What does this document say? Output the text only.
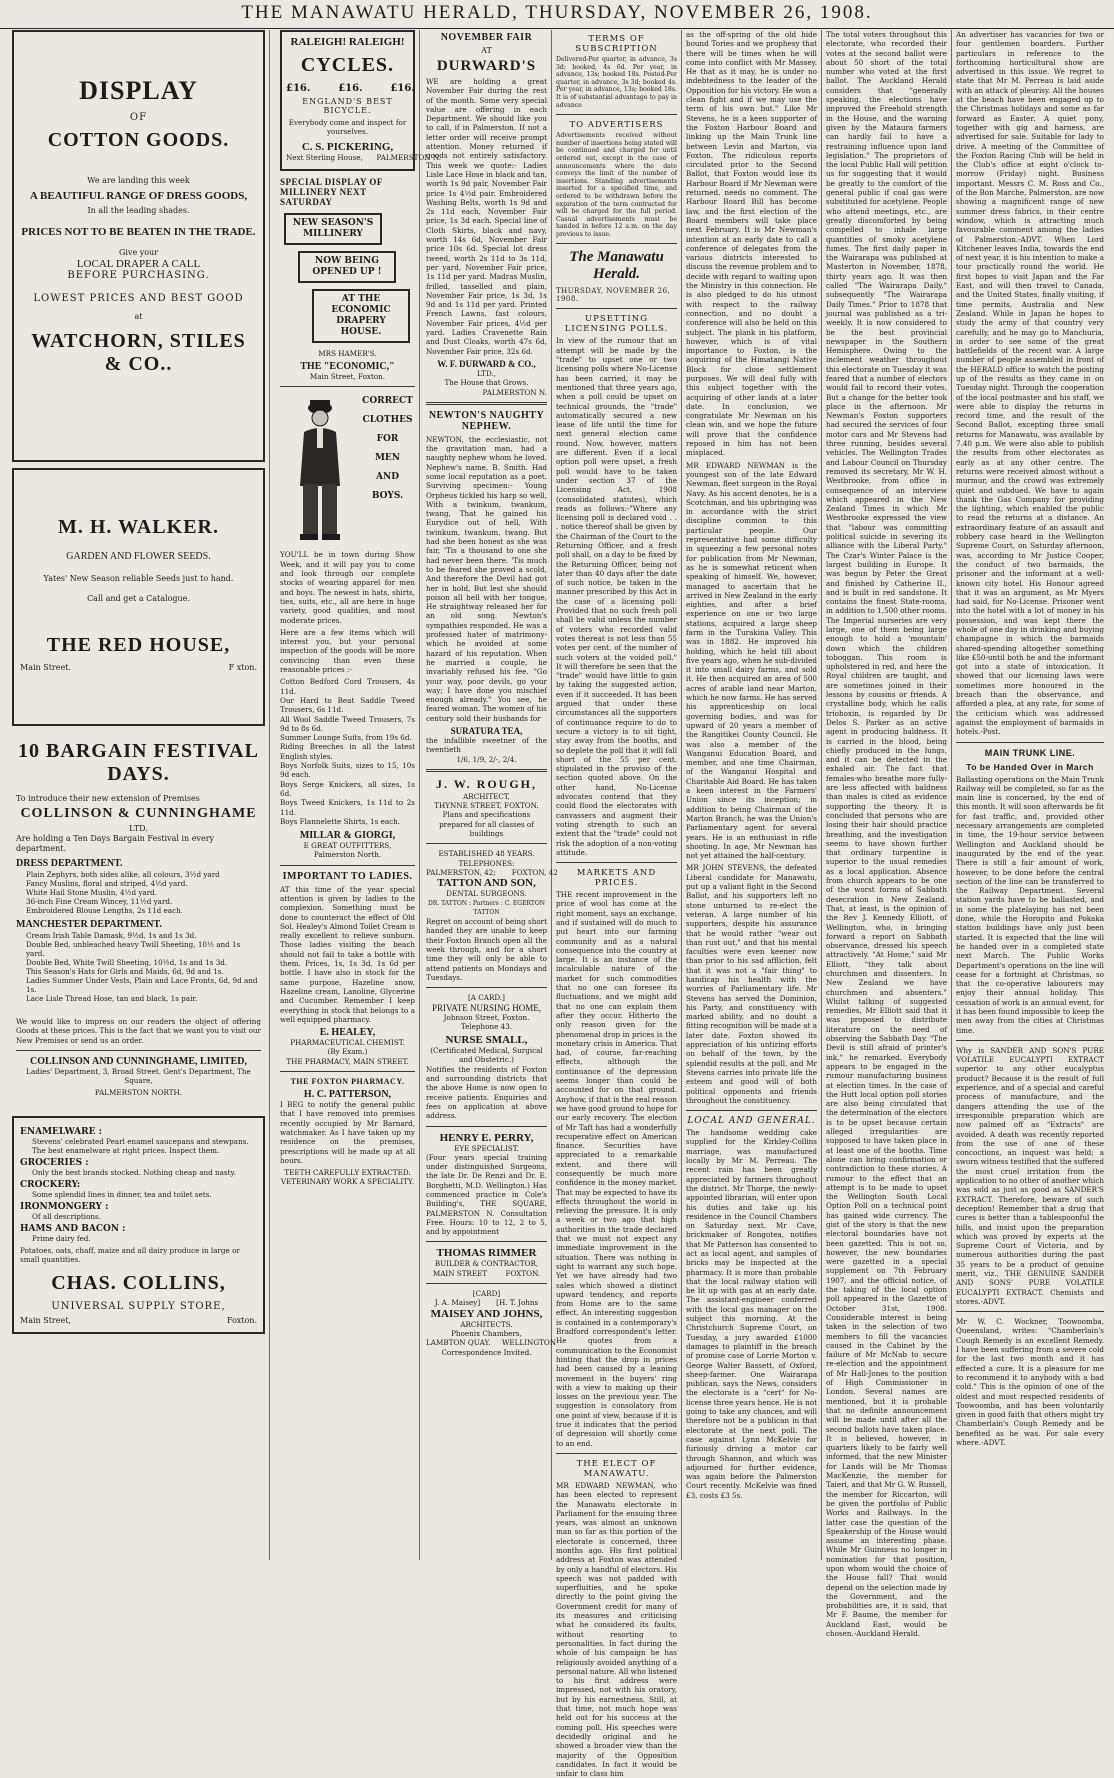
THE MANAWATU HERALD, THURSDAY, NOVEMBER 26, 1908.
DISPLAY
OF
COTTON GOODS.
We are landing this week
A BEAUTIFUL RANGE OF DRESS GOODS,
In all the leading shades.
PRICES NOT TO BE BEATEN IN THE TRADE.
Give your
LOCAL DRAPER A CALL
BEFORE PURCHASING.
LOWEST PRICES AND BEST GOOD
at
WATCHORN, STILES & CO..
M. H. WALKER.
GARDEN AND FLOWER SEEDS.
Yates' New Season reliable Seeds just to hand.
Call and get a Catalogue.
THE RED HOUSE,
Main Street.	F xton.
10 BARGAIN FESTIVAL DAYS.
To introduce their new extension of Premises
COLLINSON & CUNNINGHAME
LTD.
Are holding a Ten Days Bargain Festival in every department.
DRESS DEPARTMENT.
Plain Zephyrs, both sides alike, all colours, 3½d yard
Fancy Muslins, floral and striped, 4½d yard.
White Hail Stone Muslin, 4½d yard.
36-inch Fine Cream Wincey, 11½d yard.
Embroidered Blouse Lengths, 2s 11d each.
MANCHESTER DEPARTMENT.
Cream Irish Table Damask, 9½d, 1s and 1s 3d.
Double Bed, unbleached heavy Twill Sheeting, 10½ and 1s yard.
Double Bed, White Twill Sheeting, 10½d, 1s and 1s 3d.
This Season's Hats for Girls and Maids, 6d, 9d and 1s.
Ladies Summer Under Vests, Plain and Lace Fronts, 6d, 9d and 1s.
Lace Lisle Thread Hose, tan and black, 1s pair.
We would like to impress on our readers the object of offering Goods at these prices. This is the fact that we want you to visit our New Premises or send us an order.
COLLINSON AND CUNNINGHAME, LIMITED,
Ladies' Department, 3, Broad Street. Gent's Department, The Square,
PALMERSTON NORTH.
ENAMELWARE :
Stevens' celebrated Pearl enamel saucepans and stewpans. The best enamelware at right prices. Inspect them.
GROCERIES :
Only the best brands stocked. Nothing cheap and nasty.
CROCKERY:
Some splendid lines in dinner, tea and toilet sets.
IRONMONGERY :
Of all descriptions.
HAMS AND BACON :
Prime dairy fed.
Potatoes, oats, chaff, maize and all dairy produce in large or small quantities.
CHAS. COLLINS,
UNIVERSAL SUPPLY STORE,
Main Street,	Foxton.
RALEIGH! RALEIGH!
CYCLES.
£16.        £16.        £16.
ENGLAND'S BEST BICYCLE.
Everybody come and inspect for yourselves.
C. S. PICKERING,
Next Sterling House,      PALMERSTON N.
SPECIAL DISPLAY OF MILLINERY NEXT SATURDAY
NEW SEASON'S MILLINERY
NOW BEING OPENED UP !
AT THE ECONOMIC DRAPERY HOUSE.
MRS HAMER'S.
THE "ECONOMIC,"
Main Street, Foxton.
CORRECT
CLOTHES
FOR
MEN
AND
BOYS.
YOU'LL be in town during Show Week, and it will pay you to come and look through our complete stocks of wearing apparel for men and boys. The newest in hats, shirts, ties, suits, etc., all are here in huge variety, good qualities, and most moderate prices.
Here are a few items which will interest you, but your personal inspection of the goods will be more convincing than even these reasonable prices :-
Cotton Bedford Cord Trousers, 4s 11d.
Our Hard to Beat Saddle Tweed Trousers, 6s 11d.
All Wool Saddle Tweed Trousers, 7s 9d to 8s 6d.
Summer Lounge Suits, from 19s 6d.
Riding Breeches in all the latest English styles.
Boys Norfolk Suits, sizes to 15, 10s 9d each.
Boys Serge Knickers, all sizes, 1s 6d.
Boys Tweed Knickers, 1s 11d to 2s 11d.
Boys Flannelette Shirts, 1s each.
MILLAR & GIORGI,
E GREAT OUTFITTERS,
Palmerston North.
IMPORTANT TO LADIES.
AT this time of the year special attention is given by ladies to the complexion. Something must be done to counteract the effect of Old Sol. Healey's Almond Toilet Cream is really excellent to relieve sunburn. Those ladies visiting the beach should not fail to take a bottle with them. Prices, 1s, 1s 3d, 1s 6d per bottle. I have also in stock for the same purpose, Hazeline snow, Hazeline cream, Lanoline, Glycerine and Cucumber. Remember I keep everything in stock that belongs to a well equipped pharmacy.
E. HEALEY,
PHARMACEUTICAL CHEMIST.
(By Exam.)
THE PHARMACY, MAIN STREET.
THE FOXTON PHARMACY.
H. C. PATTERSON,
I BEG to notify the general public that I have removed into premises recently occupied by Mr Barnard, watchmaker. As I have taken up my residence on the premises, prescriptions will be made up at all hours.
TEETH CAREFULLY EXTRACTED.
VETERINARY WORK A SPECIALITY.
NOVEMBER FAIR
AT
DURWARD'S
WE are holding a great November Fair during the rest of the month. Some very special value are offering in each Department. We should like you to call, if in Palmerston. If not a letter order will receive prompt attention. Money returned if goods not entirely satisfactory. This week we quote:- Ladies Lisle Lace Hose in black and tan, worth 1s 9d pair, November Fair price 1s 4½d pair. Embroidered Washing Belts, worth 1s 9d and 2s 11d each, November Fair price, 1s 3d each. Special line of Cloth Skirts, black and navy, worth 14s 6d, November Fair price 10s 6d. Special lot dress tweed, worth 2s 11d to 3s 11d, per yard, November Fair price, 1s 11d per yard. Madras Muslin, frilled, tasselled and plain, November Fair price, 1s 3d, 1s 9d and 1s 11d per yard. Printed French Lawns, fast colours, November Fair prices, 4½d per yard. Ladies Cravenette Rain and Dust Cloaks, worth 47s 6d, November Fair price, 32s 6d.
W. F. DURWARD & CO.,
LTD.,
The House that Grows.
PALMERSTON N.
NEWTON'S NAUGHTY NEPHEW.
NEWTON, the ecclesiastic, not the gravitation man, had a naughty nephew whom he loved. Nephew's name, B. Smith. Had some local reputation as a poet. Surviving specimen:- Young Orpheus tickled his harp so well, With a twinkum, twankum, twang, That he gained his Eurydice out of hell, With twinkum, twankum, twang. But had she been honest as she was fair, 'Tis a thousand to one she had never been there. 'Tis much to be feared she proved a scold, And therefore the Devil had got her in hold, But lest she should poison all hell with her tongue, He straightway released her for an old song. Newton's sympathies responded. He was a professed hater of matrimony-which he avoided at some hazard of his reputation. When he married a couple, he invariably refused his fee. "Go your way, poor devils, go your way; I have done you mischief enough already." You see, he feared woman. The women of his century sold their husbands for
SURATURA TEA,
the infallible sweetner of the twentieth
1/6, 1/9, 2/-, 2/4.
J. W. ROUGH,
ARCHITECT,
THYNNE STREET, FOXTON.
Plans and specifications prepared for all classes of buildings
ESTABLISHED 48 YEARS.
TELEPHONES:
PALMERSTON, 42;       FOXTON, 42
TATTON AND SON,
DENTAL SURGEONS.
DR. TATTON : Partners : C. EGERTON TATTON
Regret on account of being short handed they are unable to keep their Foxton Branch open all the week through, and for a short time they will only be able to attend patients on Mondays and Tuesdays.
[A CARD.]
PRIVATE NURSING HOME,
Johnson Street, Foxton.
Telephone 43.
NURSE SMALL,
(Certificated Medical, Surgical and Obstetric.)
Notifies the residents of Foxton and surrounding districts that the above Home is now open to receive patients. Enquiries and fees on application at above address.
HENRY E. PERRY,
EYE SPECIALIST.
(Four years special training under distinguished Surgeons, the late Dr. De Renzi and Dr. E. Borghetti, M.D. Wellington.) Has commenced practice in Cole's Building's, THE SQUARE, PALMERSTON N. Consultation Free. Hours: 10 to 12, 2 to 5, and by appointment
THOMAS RIMMER
BUILDER & CONTRACTOR,
MAIN STREET        FOXTON.
[CARD]
J. A. Maisey]       [H. T. Johns
MAISEY AND JOHNS,
ARCHITECTS.
Phoenix Chambers,
LAMBTON QUAY.     WELLINGTON
Correspondence Invited.
TERMS OF SUBSCRIPTION
Delivered-Per quarter, in advance, 3s 3d; booked, 4s 6d. Per year, in advance, 13s; booked 18s. Posted-Per quarter, in advance, 3s 3d; booked 4s. Per year, in advance, 13s; booked 18s. It is of substantial advantage to pay in advance
TO ADVERTISERS
Advertisements received without number of insertions being stated will be continued and charged for until ordered out, except in the case of announcements where the date conveys the limit of the number of insertions. Standing advertisements inserted for a specified time, and ordered to be withdrawn before the expiration of the term contracted for will be charged for the full period. Casual advertisements must be handed in before 12 a.m. on the day previous to issue.
The Manawatu Herald.
THURSDAY, NOVEMBER 26, 1908.
UPSETTING LICENSING POLLS.
In view of the rumour that an attempt will be made by the "trade" to upset one or two licensing polls where No-License has been carried, it may be mentioned that three years ago, when a poll could be upset on technical grounds, the "trade" automatically secured a new lease of life until the time for next general election came round. Now, however, matters are different. Even if a local option poll were upset, a fresh poll would have to be taken under section 37 of the Licensing Act, 1908 (consolidated statutes), which reads as follows:-"Where any licensing poll is declared void . . . notice thereof shall be given by the Chairman of the Court to the Returning Officer, and a fresh poll shall, on a day to be fixed by the Returning Officer, being not later than 40 days after the date of such notice, be taken in the manner prescribed by this Act in the case of a licensing poll: Provided that no such fresh poll shall be valid unless the number of voters who recorded valid votes thereat is not less than 55 votes per cent. of the number of such voters at the voided poll." It will therefore be seen that the "trade" would have little to gain by taking the suggested action, even if it succeeded. It has been argued that under these circumstances all the supporters of continuance require to do to secure a victory is to sit tight, stay away from the booths, and so deplete the poll that it will fall short of the 55 per cent. stipulated in the proviso of the section quoted above. On the other hand, No-License advocates contend that they could flood the electorates with canvassers and augment their voting strength to such an extent that the "trade" could not risk the adoption of a non-voting attitude.
MARKETS AND PRICES.
THE recent improvement in the price of wool has come at the right moment, says an exchange, and if sustained will do much to put heart into our farming community and as a natural consequence into the country at large. It is an instance of the incalculable nature of the market for such commodities that no one can foresee its fluctuations, and we might add that no one can explain them after they occur. Hitherto the only reason given for the phenomenal drop in prices is the monetary crisis in America. That had, of course, far-reaching effects, although the continuance of the depression seems longer than could be accounted for on that ground. Anyhow, if that is the real reason we have good ground to hope for our early recovery. The election of Mr Taft has had a wonderfully recuperative effect on American finance. Securities have appreciated to a remarkable extent, and there will consequently be much more confidence in the money market. That may be expected to have its effects throughout the world in relieving the pressure. It is only a week or two ago that high authorities in the trade declared that we must not expect any immediate improvement in the situation. There was nothing in sight to warrant any such hope. Yet we have already had two sales which showed a distinct upward tendency, and reports from Home are to the same effect. An interesting suggestion is contained in a contemporary's Bradford correspondent's letter. He quotes from a communication to the Economist hinting that the drop in prices had been caused by a leaning movement in the buyers' ring with a view to making up their losses on the previous year. The suggestion is consolatory from one point of view, because if it is true it indicates that the period of depression will shortly come to an end.
THE ELECT OF MANAWATU.
MR EDWARD NEWMAN, who has been elected to represent the Manawatu electorate in Parliament for the ensuing three years, was almost an unknown man so far as this portion of the electorate is concerned, three months ago. His first political address at Foxton was attended by only a handful of electors. His speech was not padded with superfluities, and he spoke directly to the point giving the Government credit for many of its measures and criticising what he considered its faults, without resorting to personalities. In fact during the whole of his campaign he has religiously avoided anything of a personal nature. All who listened to his first address were impressed, not with his oratory, but by his earnestness. Still, at that time, not much hope was held out for his success at the coming poll. His speeches were decidedly original and he showed a broader view than the majority of the Opposition candidates. In fact it would be unfair to class him
as the off-spring of the old hide bound Tories and we prophesy that there will be times when he will come into conflict with Mr Massey. He that as it may, he is under no indebtedness to the leader of the Opposition for his victory. He won a clean fight and if we may use the term of his own but." Like Mr Stevens, he is a keen supporter of the Foxton Harbour Board and linking up the Main Trunk line between Levin and Marton, via Foxton. The ridiculous reports circulated prior to the Second Ballot, that Foxton would lose its Harbour Board if Mr Newman were returned, needs no comment. The Harbour Board Bill has become law, and the first election of the Board members will take place next February. It is Mr Newman's intention at an early date to call a conference of delegates from the various districts interested to discuss the revenue problem and to decide with regard to waiting upon the Ministry in this connection. He is also pledged to do his utmost with respect to the railway connection, and no doubt a conference will also be held on this subject. The plank in his platform, however, which is of vital importance to Foxton, is the acquiring of the Himatangi Native Block for close settlement purposes. We will deal fully with this subject together with the acquiring of other lands at a later date. In conclusion, we congratulate Mr Newman on his clean win, and we hope the future will prove that the confidence reposed in him has not been misplaced.
MR EDWARD NEWMAN is the youngest son of the late Edward Newman, fleet surgeon in the Royal Navy. As his accent denotes, he is a Scotchman, and his upbringing was in accordance with the strict discipline common to this particular people. Our representative had some difficulty in squeezing a few personal notes for publication from Mr Newman, as he is somewhat reticent when speaking of himself. We, however, managed to ascertain that he arrived in New Zealand in the early eighties, and after a brief experience on one or two large stations, acquired a large sheep farm in the Turakina Valley. This was in 1882. He improved his holding, which he held till about five years ago, when he sub-divided it into small dairy farms, and sold it. He then acquired an area of 500 acres of arable land near Marton, which he now farms. He has served his apprenticeship on local governing bodies, and was for upward of 20 years a member of the Rangitikei County Council. He was also a member of the Wanganui Education Board, and member, and one time Chairman, of the Wanganui Hospital and Charitable Aid Board. He has taken a keen interest in the Farmers' Union since its inception; in addition to being Chairman of the Marton Branch, he was the Union's Parliamentary agent for several years. He is an enthusiast in rifle shooting. In age, Mr Newman has not yet attained the half-century.
MR JOHN STEVENS, the defeated Liberal candidate for Manawatu, put up a valiant fight in the Second Ballot, and his supporters left no stone unturned to re-elect the veteran. A large number of his supporters, despite his assurance that he would rather "wear out than rust out," and that his mental faculties were even keener now than prior to his sad affliction, felt that it was not a "fair thing" to handicap his health with the worries of Parliamentary life. Mr Stevens has served the Dominion, his Party, and constituency with marked ability, and no doubt a fitting recognition will be made at a later date. Foxton showed its appreciation of his untiring efforts on behalf of the town, by the splendid results at the poll, and Mr Stevens carries into private life the esteem and good will of both political opponents and friends throughout the constituency.
LOCAL AND GENERAL.
The handsome wedding cake supplied for the Kirkley-Collins marriage, was manufactured locally by Mr M. Perreau. The recent rain has been greatly appreciated by farmers throughout the district. Mr Thorpe, the newly-appointed librarian, will enter upon his duties and take up his residence in the Council Chambers on Saturday next. Mr Cave, brickmaker of Rongotea, notifies that Mr Patterson has consented to act as local agent, and samples of bricks may be inspected at the pharmacy. It is more than probable that the local railway station will be lit up with gas at an early date. The assistant-engineer conferred with the local gas manager on the subject this morning. At the Christchurch Supreme Court, on Tuesday, a jury awarded £1000 damages to plaintiff in the breach of promise case of Lorrie Morton v. George Walter Bassett, of Oxford, sheep-farmer. One Wairarapa publican, says the News, considers the electorate is a "cert" for No-license three years hence. He is not going to take any chances, and will therefore not be a publican in that electorate at the next poll. The case against Lynn McKelvie for furiously driving a motor car through Shannon, and which was adjourned for further evidence, was again before the Palmerston Court recently. McKelvie was fined £3, costs £3 5s.
The total voters throughout this electorate, who recorded their votes at the second ballot were about 50 short of the total number who voted at the first ballot. The Auckland Herald considers that "generally speaking, the elections have improved the Freehold strength in the House, and the warning given by the Mataura farmers can hardly fail to have a restraining influence upon land legislation." The proprietors of the local Public Hall will petition us for suggesting that it would be greatly to the comfort of the general public if coal gas were substituted for acetylene. People who attend meetings, etc., are greatly discomforted by being compelled to inhale large quantities of smoky acetylene fumes. The first daily paper in the Wairarapa was published at Masterton in November, 1878, thirty years ago. It was then called "The Wairarapa Daily," subsequently "The Wairarapa Daily Times." Prior to 1878 that journal was published as a tri-weekly. It is now considered to be the best provincial newspaper in the Southern Hemisphere. Owing to the inclement weather throughout this electorate on Tuesday it was feared that a number of electors would fail to record their votes. But a change for the better took place in the afternoon. Mr Newman's Foxton supporters had secured the services of four motor cars and Mr Stevens had three running, besides several vehicles. The Wellington Trades and Labour Council on Thursday removed its secretary, Mr W. H. Westbrooke, from office in consequence of an interview which appeared in the New Zealand Times in which Mr Westbrooke expressed the view that "labour was committing political suicide in severing its alliance with the Liberal Party." The Czar's Winter Palace is the largest building in Europe. It was begun by Peter the Great and finished by Catherine II., and is built in red sandstone. It contains the finest State-rooms, in addition to 1,500 other rooms. The Imperial nurseries are very large, one of them being large enough to hold a 'mountain' down which the children toboggan. This room is upholstered in red, and here the Royal children are taught, and are sometimes joined in their lessons by cousins or friends. A crystalline body, which he calls triohoxin, is regarded by Dr Delos S. Parker as an active agent in producing baldness. It is carried in the blood, being chiefly produced in the lungs, and it can be detected in the exhaled air. The fact that females-who breathe more fully-are less affected with baldness than males is cited as evidence supporting the theory. It is concluded that persons who are losing their hair should practice breathing, and the investigation seems to have shown further that ordinary turpentine is superior to the usual remedies as a local application. Absence from church appears to be one of the worst forms of Sabbath desecration in New Zealand. That, at least, is the opinion of the Rev J. Kennedy Elliott, of Wellington, who, in bringing forward a report on Sabbath observance, dressed his speech attractively. "At Home," said Mr Elliott, "they talk about churchmen and dissenters. In New Zealand we have churchmen and absenters." Whilst talking of suggested remedies, Mr Elliott said that it was proposed to distribute literature on the need of observing the Sabbath Day. "The Devil is still afraid of printer's ink," he remarked. Everybody appears to be engaged in the rumour manufacturing business at election times. In the case of the Hutt local option poll stories are also being circulated that the determination of the electors is to be upset because certain alleged irregularities are supposed to have taken place in at least one of the booths. Time alone can bring confirmation or contradiction to these stories. A rumour to the effect that an attempt is to be made to upset the Wellington South Local Option Poll on a technical point has gained wide currency. The gist of the story is that the new electoral boundaries have not been gazetted. This is not so, however, the new boundaries were gazetted in a special supplement on 7th February 1907, and the official notice, of the taking of the local option poll appeared in the Gazette of October 31st, 1908. Considerable interest is being taken in the selection of two members to fill the vacancies caused in the Cabinet by the failure of Mr McNab to secure re-election and the appointment of Mr Hall-Jones to the position of High Commissioner in London. Several names are mentioned, but it is probable that no definite announcement will be made until after all the second ballots have taken place. It is believed, however, in quarters likely to be fairly well informed, that the new Minister for Lands will be Mr Thomas MacKenzie, the member for Taieri, and that Mr G. W. Russell, the member for Riccarton, will be given the portfolio of Public Works and Railways. In the latter case the question of the Speakership of the House would assume an interesting phase. While Mr Guinness no longer in nomination for that position, upon whom would the choice of the House fall? That would depend on the selection made by the Government, and the probabilities are, it is said, that Mr F. Baume, the member for Auckland East, would be chosen.-Auckland Herald.
An advertiser has vacancies for two or four gentlemen boarders. Further particulars in reference to the forthcoming horticultural show are advertised in this issue. We regret to state that Mr M. Perreau is laid aside with an attack of pleurisy. All the houses at the beach have been engaged up to the Christmas holidays and some as far forward as Easter. A quiet pony, together with gig and harness, are advertised for sale. Suitable for lady to drive. A meeting of the Committee of the Foxton Racing Club will be held in the Club's office at eight o'clock to-morrow (Friday) night. Business important. Messrs C. M. Ross and Co., of the Bon Marche, Palmerston, are now showing a magnificent range of new summer dress fabrics, in their centre window, which is attracting much favourable comment among the ladies of Palmerston.-ADVT. When Lord Kitchener leaves India, towards the end of next year, it is his intention to make a tour practically round the world. He first hopes to visit Japan and the Far East, and will then travel to Canada, and the United States, finally visiting, if time permits, Australia and New Zealand. While in Japan he hopes to study the army of that country very carefully, and he may go to Manchuria, in order to see some of the great battlefields of the recent war. A large number of people assembled in front of the HERALD office to watch the posting up of the results as they came in on Tuesday night. Through the cooperation of the local postmaster and his staff, we were able to display the returns in record time, and the result of the Second Ballot, excepting three small returns for Manawatu, was available by 7.40 p.m. We were also able to publish the results from other electorates as early as at any other centre. The returns were received almost without a murmur, and the crowd was extremely quiet and subdued. We have to again thank the Gas Company for providing the lighting, which enabled the public to read the returns at a distance. An extraordinary feature of an assault and robbery case heard in the Wellington Supreme Court, on Saturday afternoon, was, according to Mr Justice Cooper, the conduct of two barmaids, the prisoner and the informant at a well-known city hotel. His Honour agreed that it was an argument, as Mr Myers had said, for No-License. Prisoner went into the hotel with a lot of money in his possession, and was kept there the whole of one day in drinking and buying champagne in which the barmaids shared-spending altogether something like £50-until both he and the informant got into a state of intoxication. It showed that our licensing laws were sometimes more honoured in the breach than the observance, and afforded a plea, at any rate, for some of the criticism which was addressed against the employment of barmaids in hotels.-Post.
MAIN TRUNK LINE.
To be Handed Over in March
Ballasting operations on the Main Trunk Railway will be completed, so far as the main line is concerned, by the end of this month. It will soon afterwards be fit for fast traffic, and, provided other necessary arrangements are completed in time, the 19-hour service between Wellington and Auckland should be inaugurated by the end of the year. There is still a fair amount of work, however, to be done before the central section of the line can be transferred to the Railway Department. Several station yards have to be ballasted, and in some the platelaying has not been done, while the Horopito and Pokaka station buildings have only just been started. It is expected that the line will be handed over in a completed state next March. The Public Works Department's operations on the line will cease for a fortnight at Christmas, so that the co-operative labourers may enjoy their annual holiday. This cessation of work is an annual event, for it has been found impossible to keep the men away from the cities at Christmas time.
Why is SANDER AND SON'S PURE VOLATILE EUCALYPTI EXTRACT superior to any other eucalyptus product? Because it is the result of full experience, and of a special and careful process of manufacture, and the dangers attending the use of the irresponsible preparation which are now palmed off as "Extracts" are avoided. A death was recently reported from the use of one of these concoctions, an inquest was held; a sworn witness testified that the suffered the most cruel irritation from the application to no other of another which was sold as just as good as SANDER'S EXTRACT. Therefore, beware of such deception! Remember that a drug that cures is better than a tablespoonful the hills, and insist upon the preparation which was proved by experts at the Supreme Court of Victoria, and by numerous authorities during the past 35 years to be a product of genuine merit, viz., THE GENUINE SANDER AND SONS' PURE VOLATILE EUCALYPTI EXTRACT. Chemists and stores.-ADVT.
Mr W. C. Wockner, Toowoomba, Queensland, writes: "Chamberlain's Cough Remedy is an excellent Remedy. I have been suffering from a severe cold for the last two month and it has effected a cure. It is a pleasure for me to recommend it to anybody with a bad cold." This is the opinion of one of the oldest and most respected residents of Toowoomba, and has been voluntarily given in good faith that others might try Chamberlain's Cough Remedy and be benefited as he was. For sale every where.-ADVT.
